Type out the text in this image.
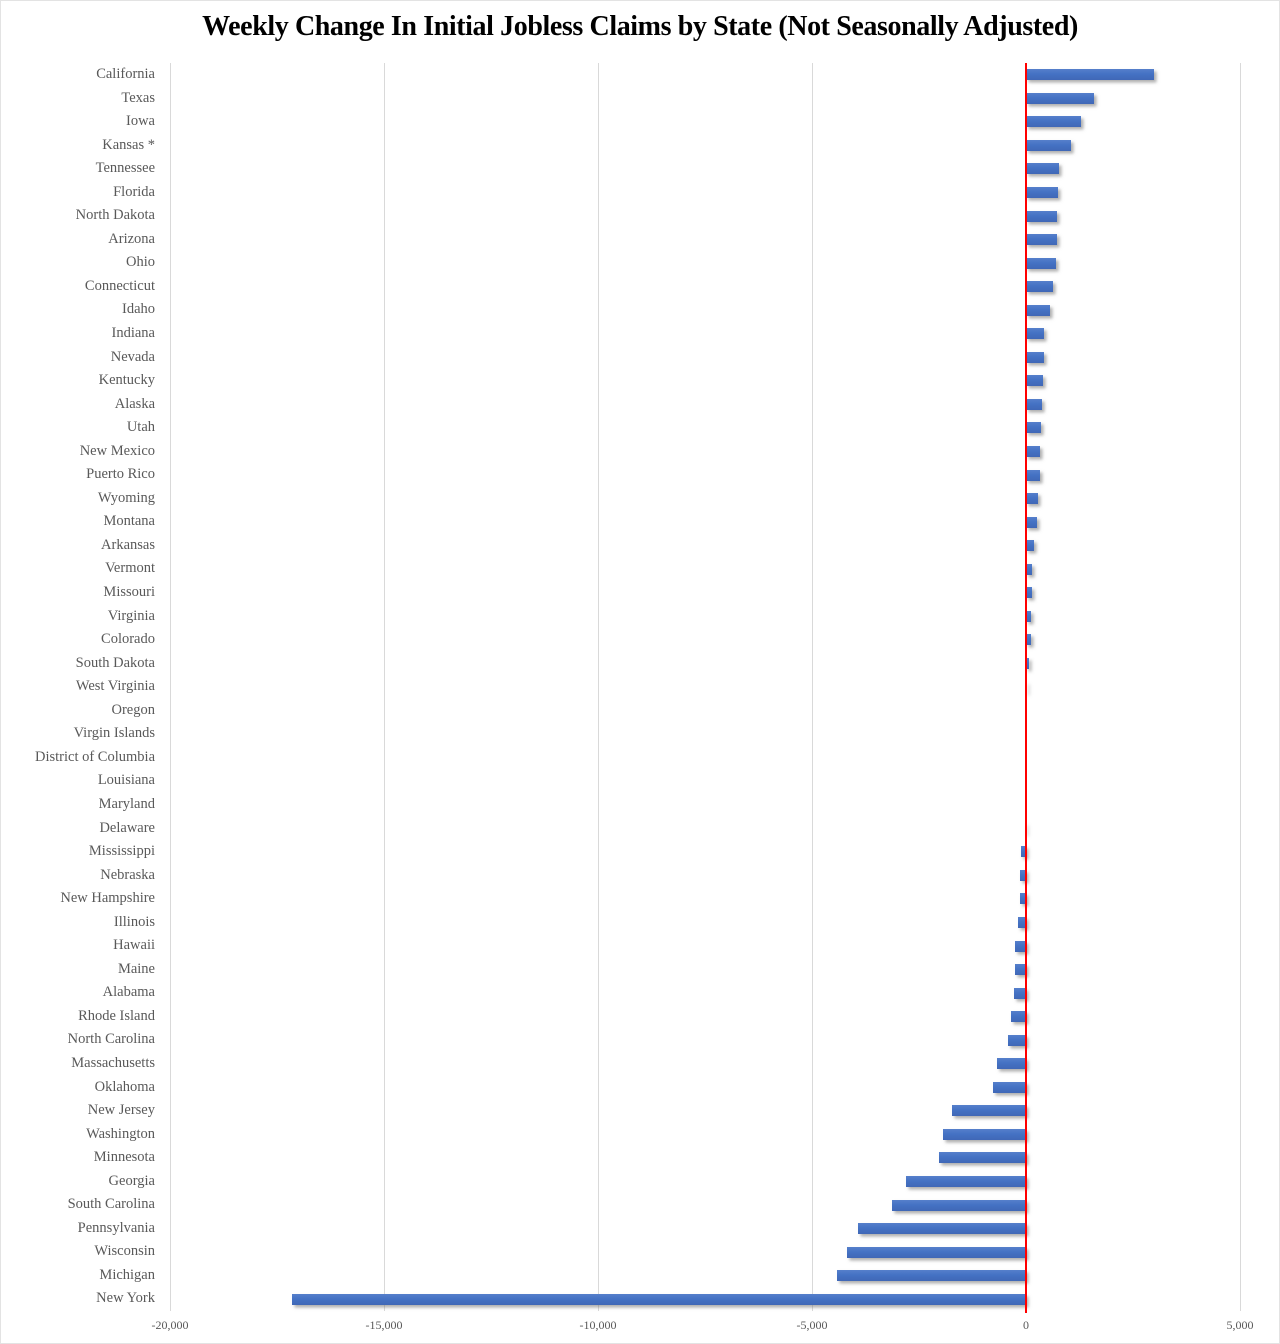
Weekly Change In Initial Jobless Claims by State (Not Seasonally Adjusted)
-20,000	-15,000	-10,000	-5,000	0	5,000
California
Texas
Iowa
Kansas *
Tennessee
Florida
North Dakota
Arizona
Ohio
Connecticut
Idaho
Indiana
Nevada
Kentucky
Alaska
Utah
New Mexico
Puerto Rico
Wyoming
Montana
Arkansas
Vermont
Missouri
Virginia
Colorado
South Dakota
West Virginia
Oregon
Virgin Islands
District of Columbia
Louisiana
Maryland
Delaware
Mississippi
Nebraska
New Hampshire
Illinois
Hawaii
Maine
Alabama
Rhode Island
North Carolina
Massachusetts
Oklahoma
New Jersey
Washington
Minnesota
Georgia
South Carolina
Pennsylvania
Wisconsin
Michigan
New York
